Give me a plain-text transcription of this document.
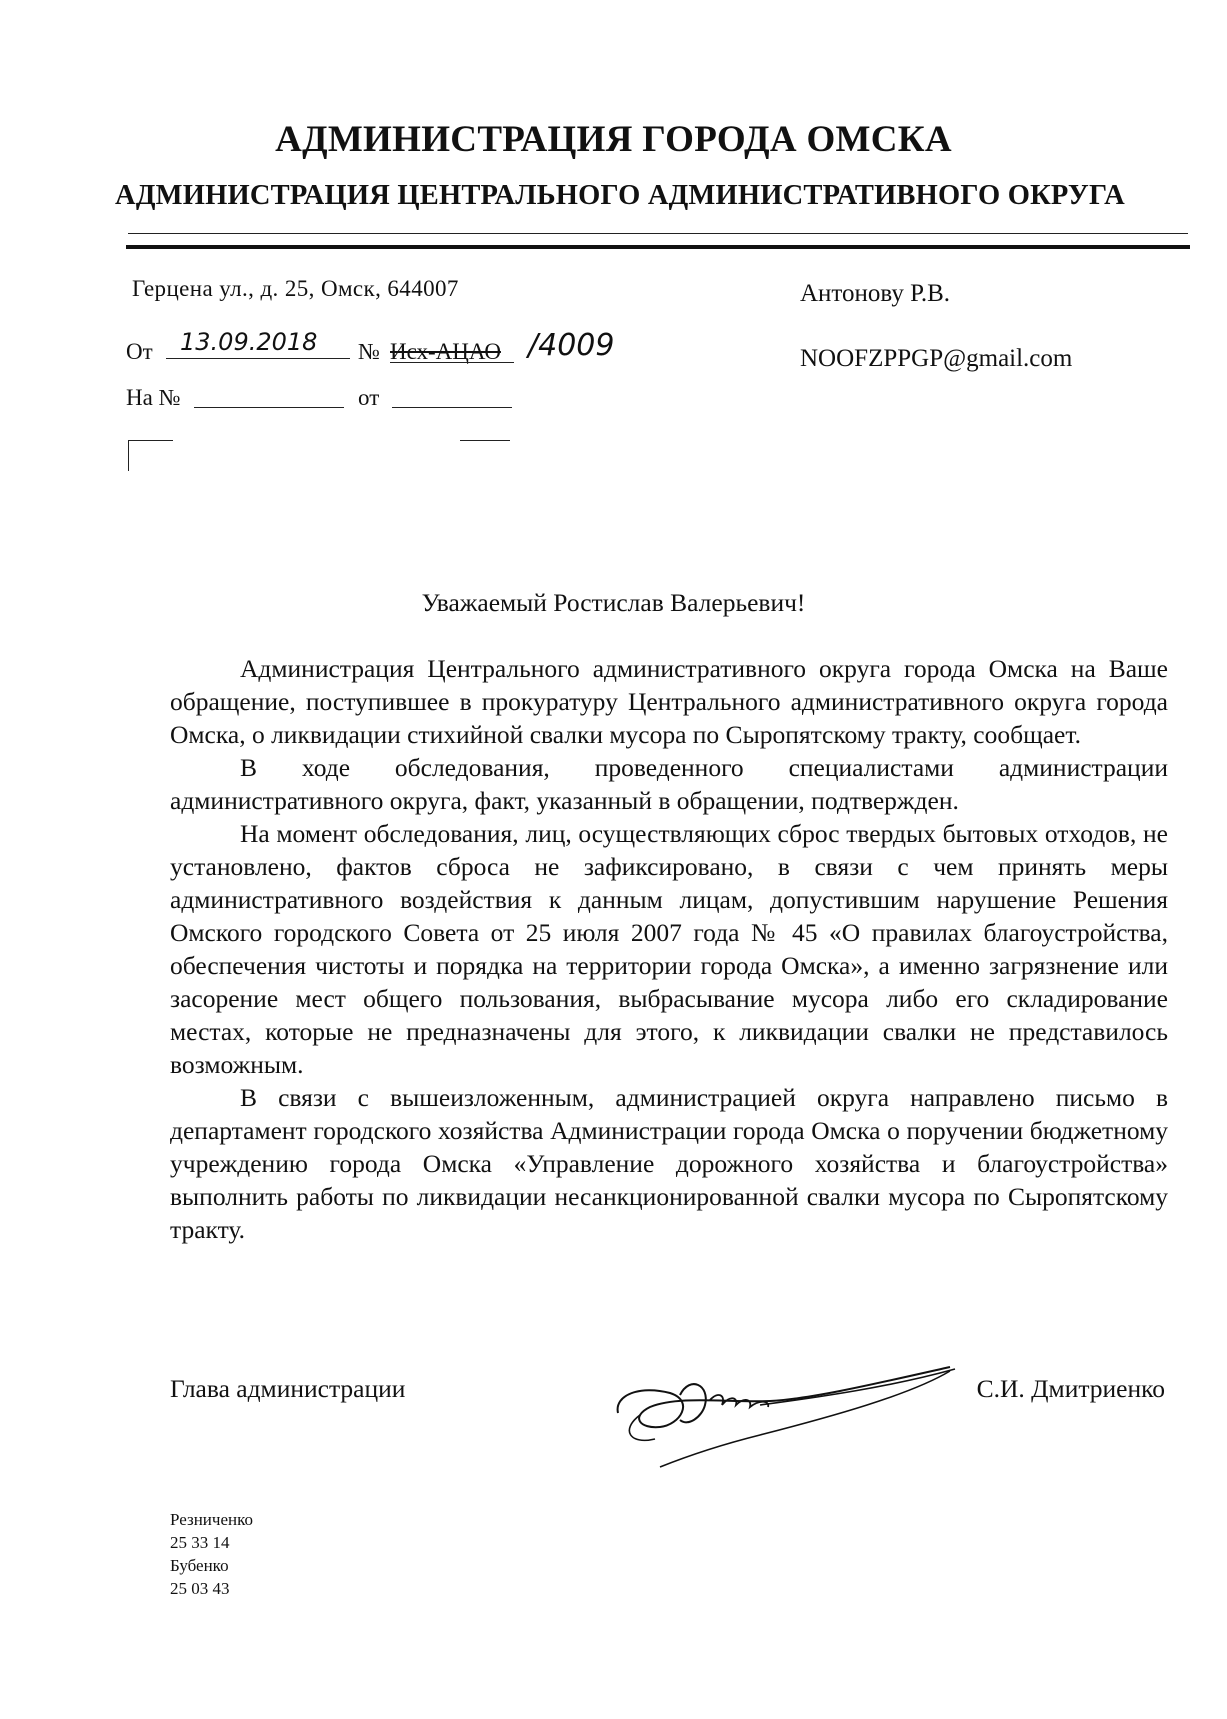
АДМИНИСТРАЦИЯ ГОРОДА ОМСКА
АДМИНИСТРАЦИЯ ЦЕНТРАЛЬНОГО АДМИНИСТРАТИВНОГО ОКРУГА
Герцена ул., д. 25, Омск, 644007
От 13.09.2018 № Исх-АЦАО /4009
На №	от
Антонову Р.В.
NOOFZPPGP@gmail.com
Уважаемый Ростислав Валерьевич!

Администрация Центрального административного округа города Омска на Ваше обращение, поступившее в прокуратуру Центрального административного округа города Омска, о ликвидации стихийной свалки мусора по Сыропятскому тракту, сообщает.

В ходе обследования, проведенного специалистами администрации административного округа, факт, указанный в обращении, подтвержден.

На момент обследования, лиц, осуществляющих сброс твердых бытовых отходов, не установлено, фактов сброса не зафиксировано, в связи с чем принять меры административного воздействия к данным лицам, допустившим нарушение Решения Омского городского Совета от 25 июля 2007 года № 45 «О правилах благоустройства, обеспечения чистоты и порядка на территории города Омска», а именно загрязнение или засорение мест общего пользования, выбрасывание мусора либо его складирование местах, которые не предназначены для этого, к ликвидации свалки не представилось возможным.

В связи с вышеизложенным, администрацией округа направлено письмо в департамент городского хозяйства Администрации города Омска о поручении бюджетному учреждению города Омска «Управление дорожного хозяйства и благоустройства» выполнить работы по ликвидации несанкционированной свалки мусора по Сыропятскому тракту.

Глава администрации	С.И. Дмитриенко
Резниченко
25 33 14
Бубенко
25 03 43
